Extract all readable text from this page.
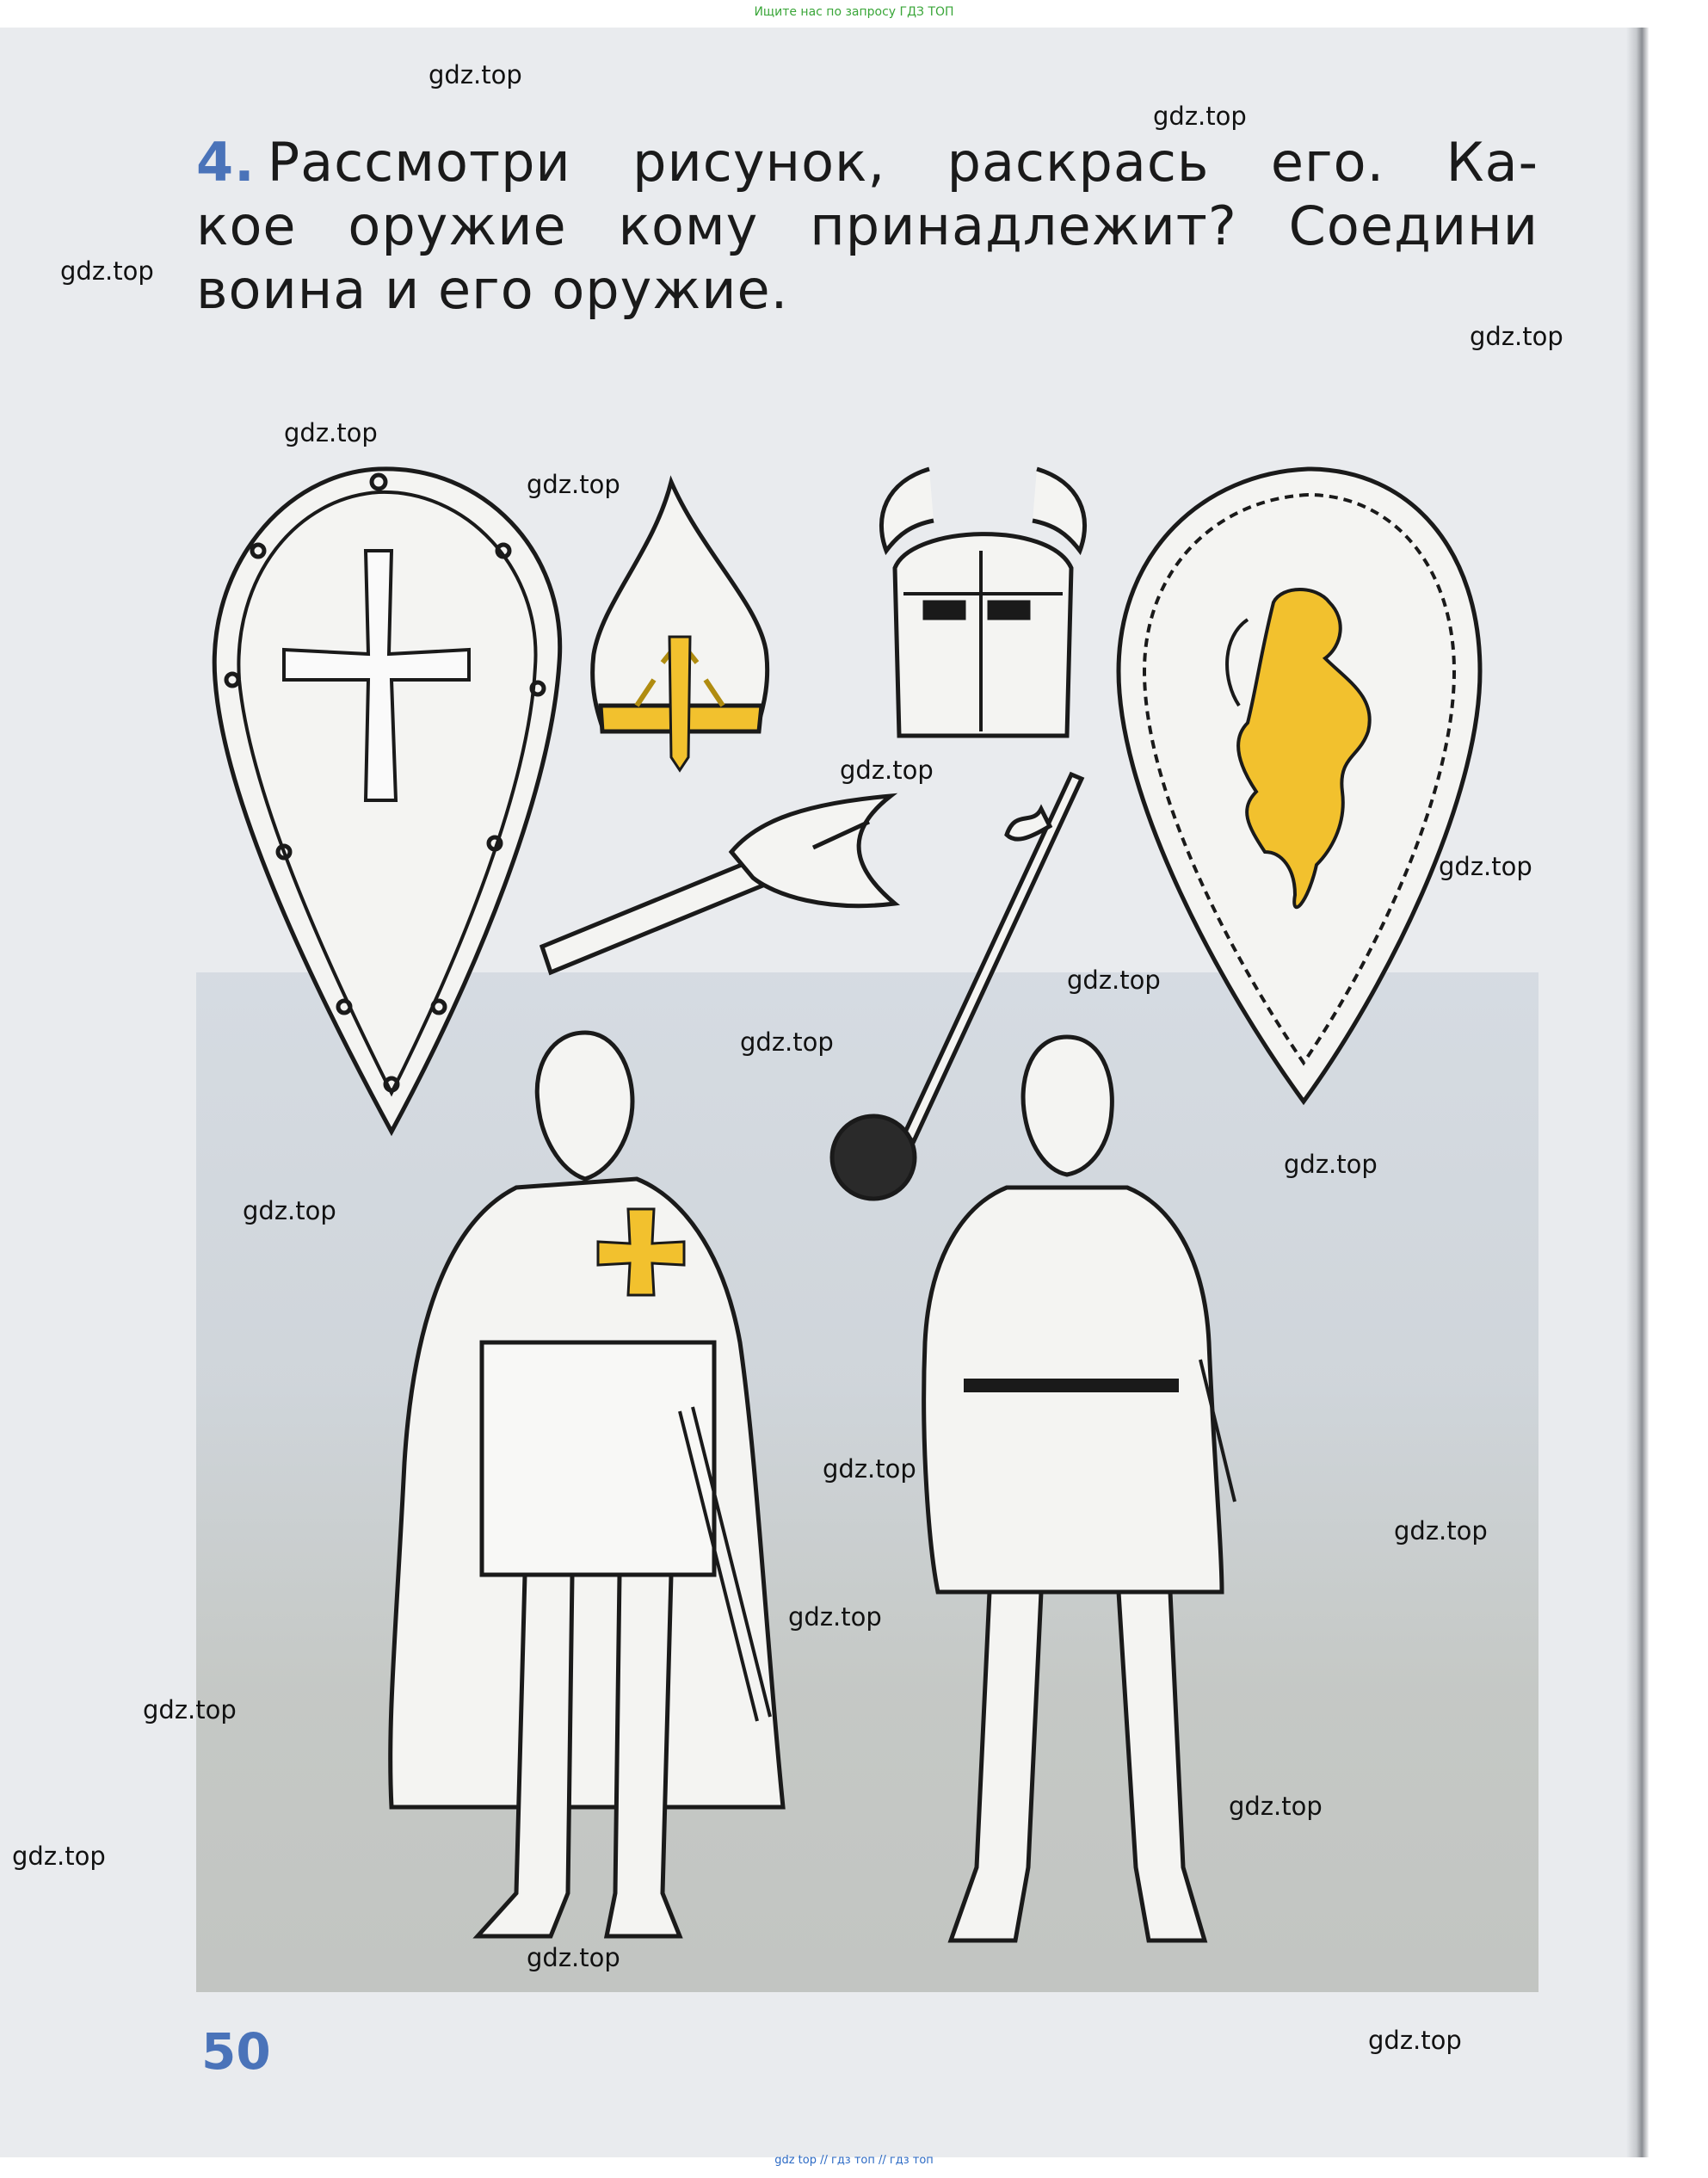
Ищите нас по запросу ГДЗ ТОП
4. Рассмотри рисунок, раскрась его. Ка-
кое оружие кому принадлежит? Соедини
воина и его оружие.
50
gdz.top
gdz.top
gdz.top
gdz.top
gdz.top
gdz.top
gdz.top
gdz.top
gdz.top
gdz.top
gdz.top
gdz.top
gdz.top
gdz.top
gdz.top
gdz.top
gdz.top
gdz.top
gdz.top
gdz.top
gdz top // гдз топ // гдз топ
